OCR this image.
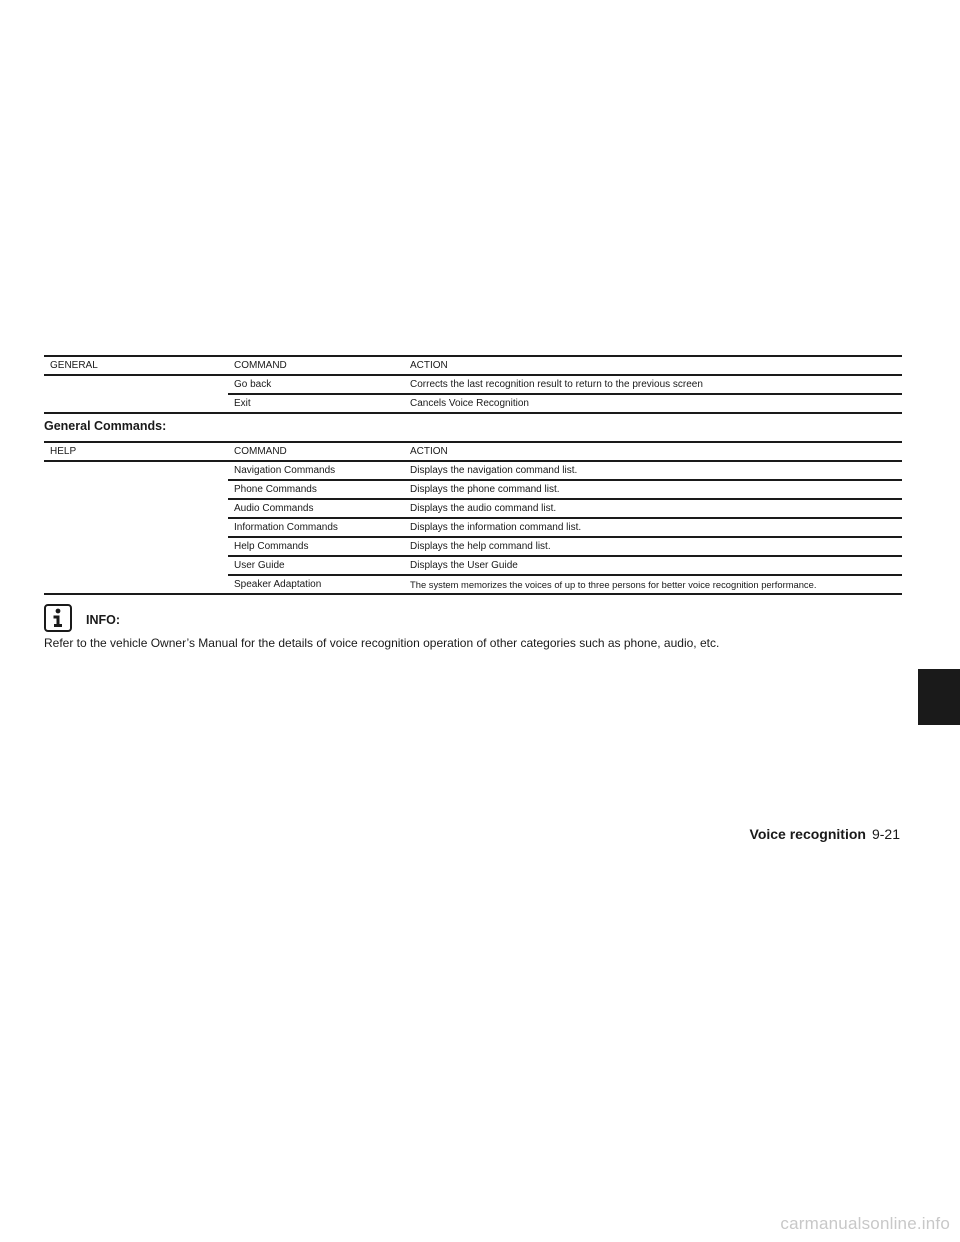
GENERAL	COMMAND	ACTION
	Go back	Corrects the last recognition result to return to the previous screen
	Exit	Cancels Voice Recognition
General Commands:
HELP	COMMAND	ACTION
	Navigation Commands	Displays the navigation command list.
	Phone Commands	Displays the phone command list.
	Audio Commands	Displays the audio command list.
	Information Commands	Displays the information command list.
	Help Commands	Displays the help command list.
	User Guide	Displays the User Guide
	Speaker Adaptation	The system memorizes the voices of up to three persons for better voice recognition performance.
INFO:
Refer to the vehicle Owner’s Manual for the details of voice recognition operation of other categories such as phone, audio, etc.
Voice recognition 9-21
carmanualsonline.info
